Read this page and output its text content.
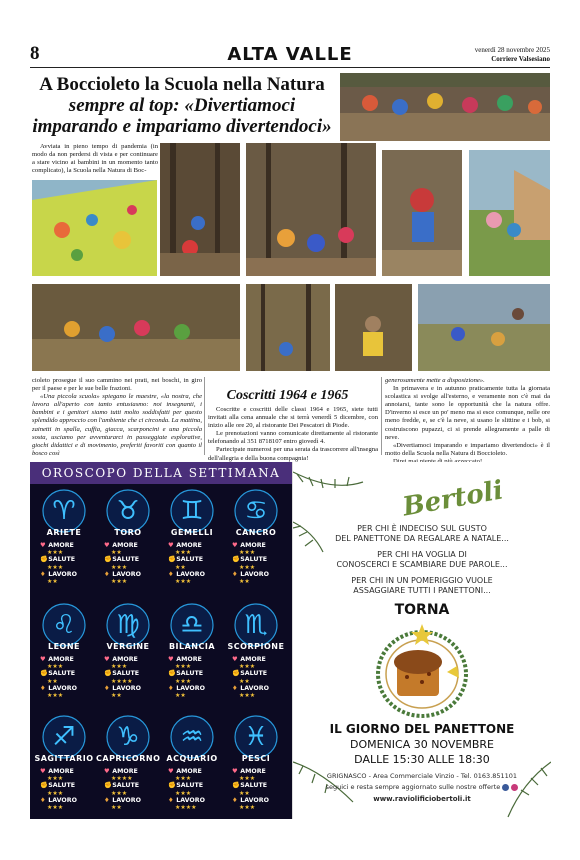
8	ALTA VALLE	venerdì 28 novembre 2025
Corriere Valsesiano
A Boccioleto la Scuola nella Natura
sempre al top: «Divertiamoci
imparando e impariamo divertendoci»

Avviata in pieno tempo di pandemia (in modo da non perdersi di vista e per continuare a stare vicino ai bambini in un momento tanto complicato), la Scuola nella Natura di Boc-

cioleto prosegue il suo cammino nei prati, nei boschi, in giro per il paese e per le sue belle frazioni.

«Una piccola scuola» spiegano le maestre, «la nostra, che lavora all'aperto con tanto entusiasmo: noi insegnanti, i bambini e i genitori siamo tutti molto soddisfatti per questo splendido approccio con l'ambiente che ci circonda. La mattina, zainetti in spalla, cuffia, giacca, scarponcini e una piccola sosta, usciamo per avventurarci in passeggiate esplorative, giochi didattici e di movimento, preferiti favoriti con quanto il bosco così

Coscritti 1964 e 1965

Coscritte e coscritti delle classi 1964 e 1965, siete tutti invitati alla cena annuale che si terrà venerdì 5 dicembre, con inizio alle ore 20, al ristorante Dei Pescatori di Piode.

Le prenotazioni vanno comunicate direttamente al ristorante telefonando al 351 8718107 entro giovedì 4.

Partecipate numerosi per una serata da trascorrere all'insegna dell'allegria e della buona compagnia!

generosamente mette a disposizione».

In primavera e in autunno praticamente tutta la giornata scolastica si svolge all'esterno, e veramente non c'è mai da annoiarsi, tante sono le opportunità che la natura offre. D'inverno si esce un po' meno ma si esce comunque, nelle ore meno fredde, e, se c'è la neve, si usano le slittine e i bob, si costruiscono pupazzi, ci si prende allegramente a palle di neve.

«Divertiamoci imparando e impariamo divertendoci» è il motto della Scuola nella Natura di Boccioleto.

OROSCOPO DELLA SETTIMANA
♈
ARIETE
♥ AMORE
★★★
✊ SALUTE
★★★
♦ LAVORO
★★
♉
TORO
♥ AMORE
★★
✊ SALUTE
★★★
♦ LAVORO
★★★
♊
GEMELLI
♥ AMORE
★★★
✊ SALUTE
★★
♦ LAVORO
★★★
♋
CANCRO
♥ AMORE
★★★
✊ SALUTE
★★★
♦ LAVORO
★★
♌
LEONE
♥ AMORE
★★★
✊ SALUTE
★★
♦ LAVORO
★★★
♍
VERGINE
♥ AMORE
★★★
✊ SALUTE
★★★★
♦ LAVORO
★★
♎
BILANCIA
♥ AMORE
★★★
✊ SALUTE
★★★
♦ LAVORO
★★
♏
SCORPIONE
♥ AMORE
★★★
✊ SALUTE
★★
♦ LAVORO
★★★
♐
SAGITTARIO
♥ AMORE
★★★
✊ SALUTE
★★★
♦ LAVORO
★★★
♑
CAPRICORNO
♥ AMORE
★★★★
✊ SALUTE
★★★
♦ LAVORO
★★
♒
ACQUARIO
♥ AMORE
★★★
✊ SALUTE
★★★
♦ LAVORO
★★★★
♓
PESCI
♥ AMORE
★★★
✊ SALUTE
★★
♦ LAVORO
★★★
Bertoli
PER CHI È INDECISO SUL GUSTO
DEL PANETTONE DA REGALARE A NATALE...
PER CHI HA VOGLIA DI
CONOSCERCI E SCAMBIARE DUE PAROLE...
PER CHI IN UN POMERIGGIO VUOLE
ASSAGGIARE TUTTI I PANETTONI...
TORNA
IL GIORNO DEL PANETTONE
DOMENICA 30 NOVEMBRE
DALLE 15:30 ALLE 18:30
GRIGNASCO - Area Commerciale Vinzio - Tel. 0163.851101
seguici e resta sempre aggiornato sulle nostre offerte
www.ravioliﬁciobertoli.it
